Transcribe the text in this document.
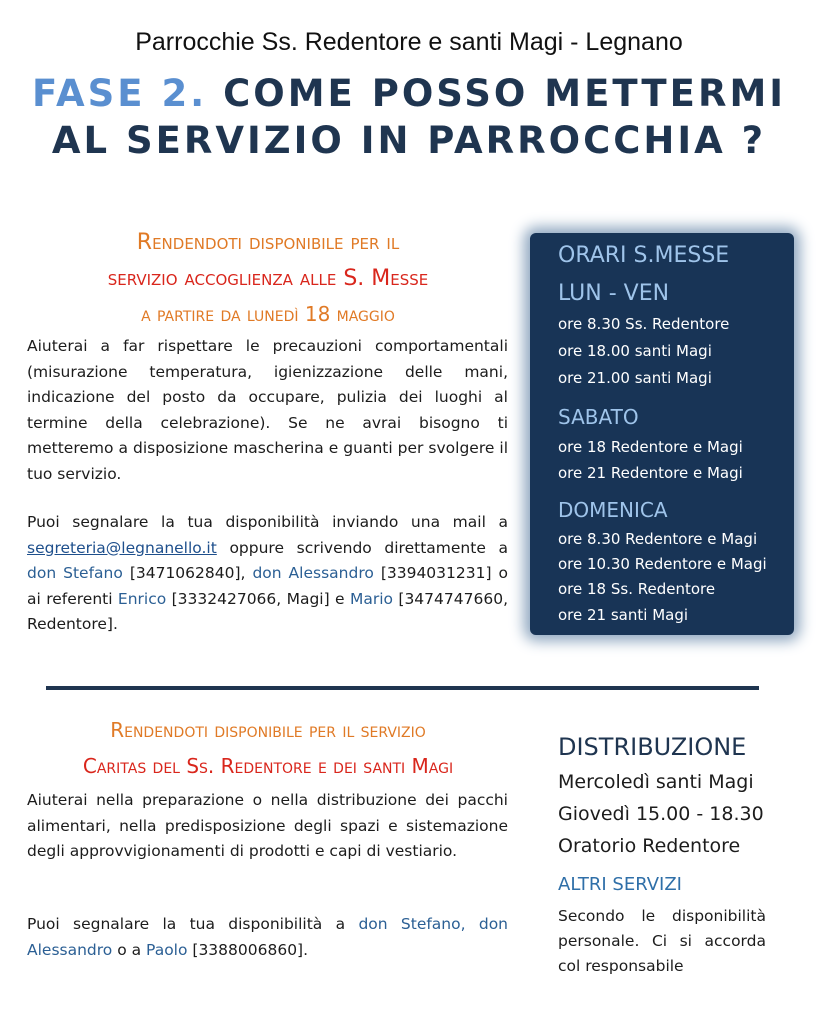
Parrocchie Ss. Redentore e santi Magi - Legnano
FASE 2. COME POSSO METTERMI AL SERVIZIO IN PARROCCHIA ?
Rendendoti disponibile per il
servizio accoglienza alle S. Messe
a partire da lunedì 18 maggio
Aiuterai a far rispettare le precauzioni comportamentali (misurazione temperatura, igienizzazione delle mani, indicazione del posto da occupare, pulizia dei luoghi al termine della celebrazione). Se ne avrai bisogno ti metteremo a disposizione mascherina e guanti per svolgere il tuo servizio.
Puoi segnalare la tua disponibilità inviando una mail a segreteria@legnanello.it oppure scrivendo direttamente a don Stefano [3471062840], don Alessandro [3394031231] o ai referenti Enrico [3332427066, Magi] e Mario [3474747660, Redentore].
ORARI S.MESSE
LUN - VEN
ore 8.30 Ss. Redentore
ore 18.00 santi Magi
ore 21.00 santi Magi
SABATO
ore 18 Redentore e Magi
ore 21 Redentore e Magi
DOMENICA
ore 8.30 Redentore e Magi
ore 10.30 Redentore e Magi
ore 18 Ss. Redentore
ore 21 santi Magi
Rendendoti disponibile per il servizio
Caritas del Ss. Redentore e dei santi Magi
Aiuterai nella preparazione o nella distribuzione dei pacchi alimentari, nella predisposizione degli spazi e sistemazione degli approvvigionamenti di prodotti e capi di vestiario.
Puoi segnalare la tua disponibilità a don Stefano, don Alessandro o a Paolo [3388006860].
DISTRIBUZIONE
Mercoledì santi Magi
Giovedì 15.00 - 18.30
Oratorio Redentore
ALTRI SERVIZI
Secondo le disponibilità personale. Ci si accorda col responsabile
